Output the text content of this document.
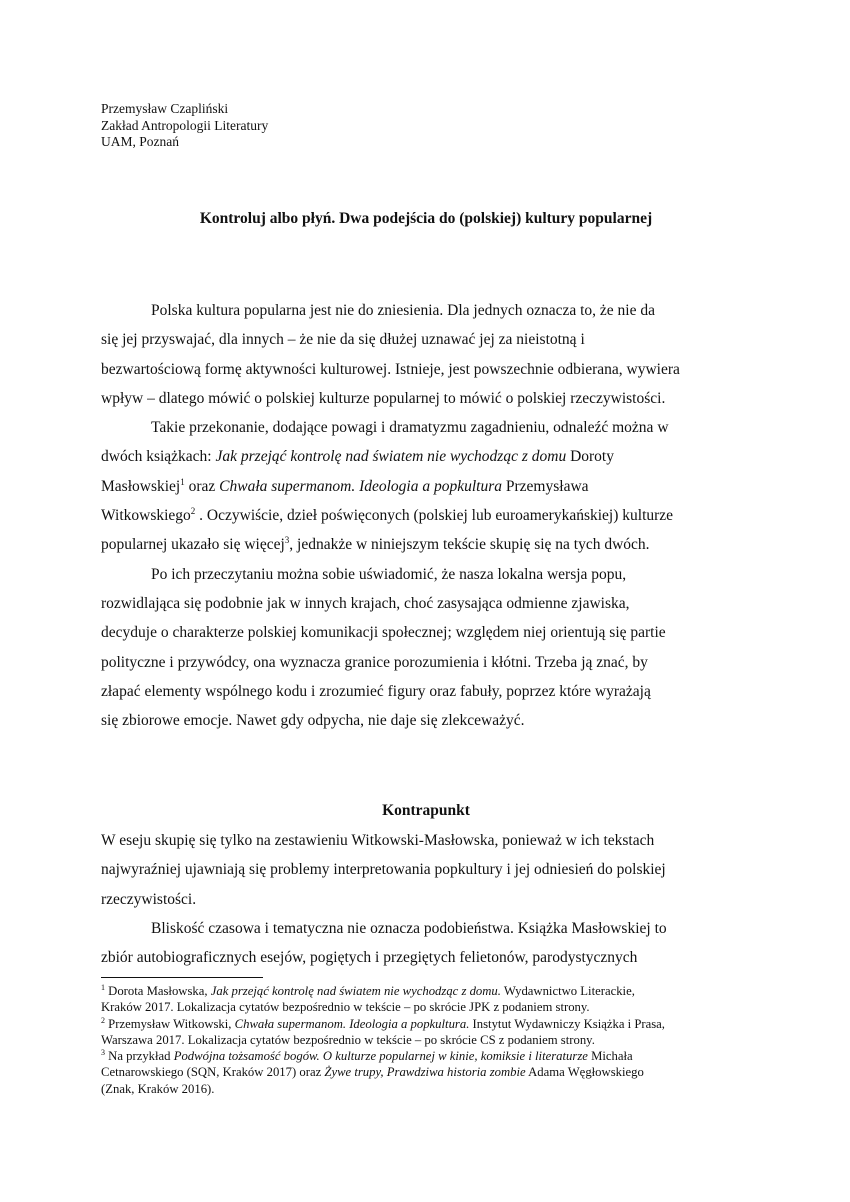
Przemysław Czapliński
Zakład Antropologii Literatury
UAM, Poznań
Kontroluj albo płyń. Dwa podejścia do (polskiej) kultury popularnej
Polska kultura popularna jest nie do zniesienia. Dla jednych oznacza to, że nie da
się jej przyswajać, dla innych – że nie da się dłużej uznawać jej za nieistotną i
bezwartościową formę aktywności kulturowej. Istnieje, jest powszechnie odbierana, wywiera
wpływ – dlatego mówić o polskiej kulturze popularnej to mówić o polskiej rzeczywistości.
Takie przekonanie, dodające powagi i dramatyzmu zagadnieniu, odnaleźć można w
dwóch książkach: Jak przejąć kontrolę nad światem nie wychodząc z domu Doroty
Masłowskiej$^1$ oraz Chwała supermanom. Ideologia a popkultura Przemysława
Witkowskiego$^2$ . Oczywiście, dzieł poświęconych (polskiej lub euroamerykańskiej) kulturze
popularnej ukazało się więcej$^3$, jednakże w niniejszym tekście skupię się na tych dwóch.
Po ich przeczytaniu można sobie uświadomić, że nasza lokalna wersja popu,
rozwidlająca się podobnie jak w innych krajach, choć zasysająca odmienne zjawiska,
decyduje o charakterze polskiej komunikacji społecznej; względem niej orientują się partie
polityczne i przywódcy, ona wyznacza granice porozumienia i kłótni. Trzeba ją znać, by
złapać elementy wspólnego kodu i zrozumieć figury oraz fabuły, poprzez które wyrażają
się zbiorowe emocje. Nawet gdy odpycha, nie daje się zlekceważyć.
Kontrapunkt
W eseju skupię się tylko na zestawieniu Witkowski-Masłowska, ponieważ w ich tekstach
najwyraźniej ujawniają się problemy interpretowania popkultury i jej odniesień do polskiej
rzeczywistości.
Bliskość czasowa i tematyczna nie oznacza podobieństwa. Książka Masłowskiej to
zbiór autobiograficznych esejów, pogiętych i przegiętych felietonów, parodystycznych
$^1$ Dorota Masłowska, Jak przejąć kontrolę nad światem nie wychodząc z domu. Wydawnictwo Literackie,
Kraków 2017. Lokalizacja cytatów bezpośrednio w tekście – po skrócie JPK z podaniem strony.
$^2$ Przemysław Witkowski, Chwała supermanom. Ideologia a popkultura. Instytut Wydawniczy Książka i Prasa,
Warszawa 2017. Lokalizacja cytatów bezpośrednio w tekście – po skrócie CS z podaniem strony.
$^3$ Na przykład Podwójna tożsamość bogów. O kulturze popularnej w kinie, komiksie i literaturze Michała
Cetnarowskiego (SQN, Kraków 2017) oraz Żywe trupy, Prawdziwa historia zombie Adama Węgłowskiego
(Znak, Kraków 2016).
